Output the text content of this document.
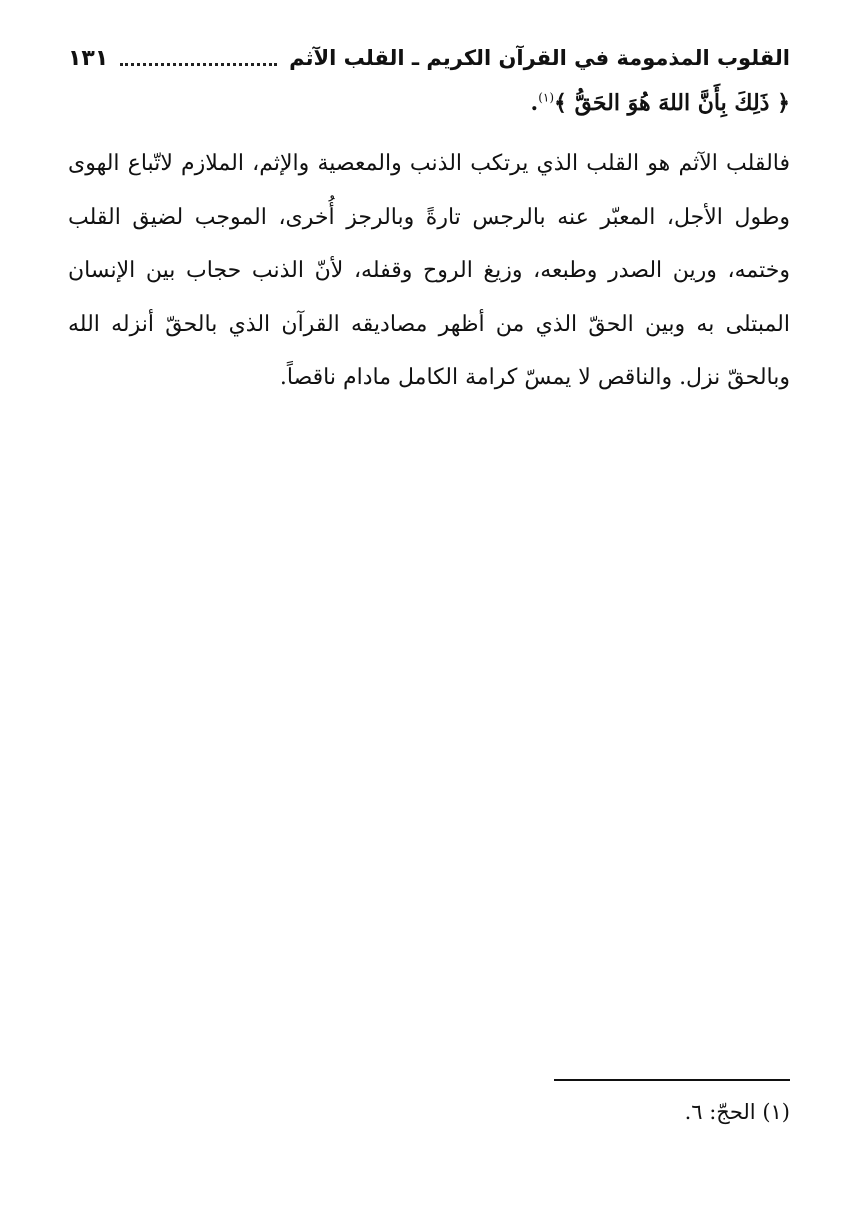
القلوب المذمومة في القرآن الكريم ـ القلب الآثم
١٣١
﴿ ذَلِكَ بِأَنَّ اللهَ هُوَ الحَقُّ ﴾$^{(١)}$.

فالقلب الآثم هو القلب الذي يرتكب الذنب والمعصية والإثم، الملازم لاتّباع الهوى وطول الأجل، المعبّر عنه بالرجس تارةً وبالرجز أُخرى، الموجب لضيق القلب وختمه، ورين الصدر وطبعه، وزيغ الروح وقفله، لأنّ الذنب حجاب بين الإنسان المبتلى به وبين الحقّ الذي من أظهر مصاديقه القرآن الذي بالحقّ أنزله الله وبالحقّ نزل. والناقص لا يمسّ كرامة الكامل مادام ناقصاً.

(١) الحجّ: ٦.
